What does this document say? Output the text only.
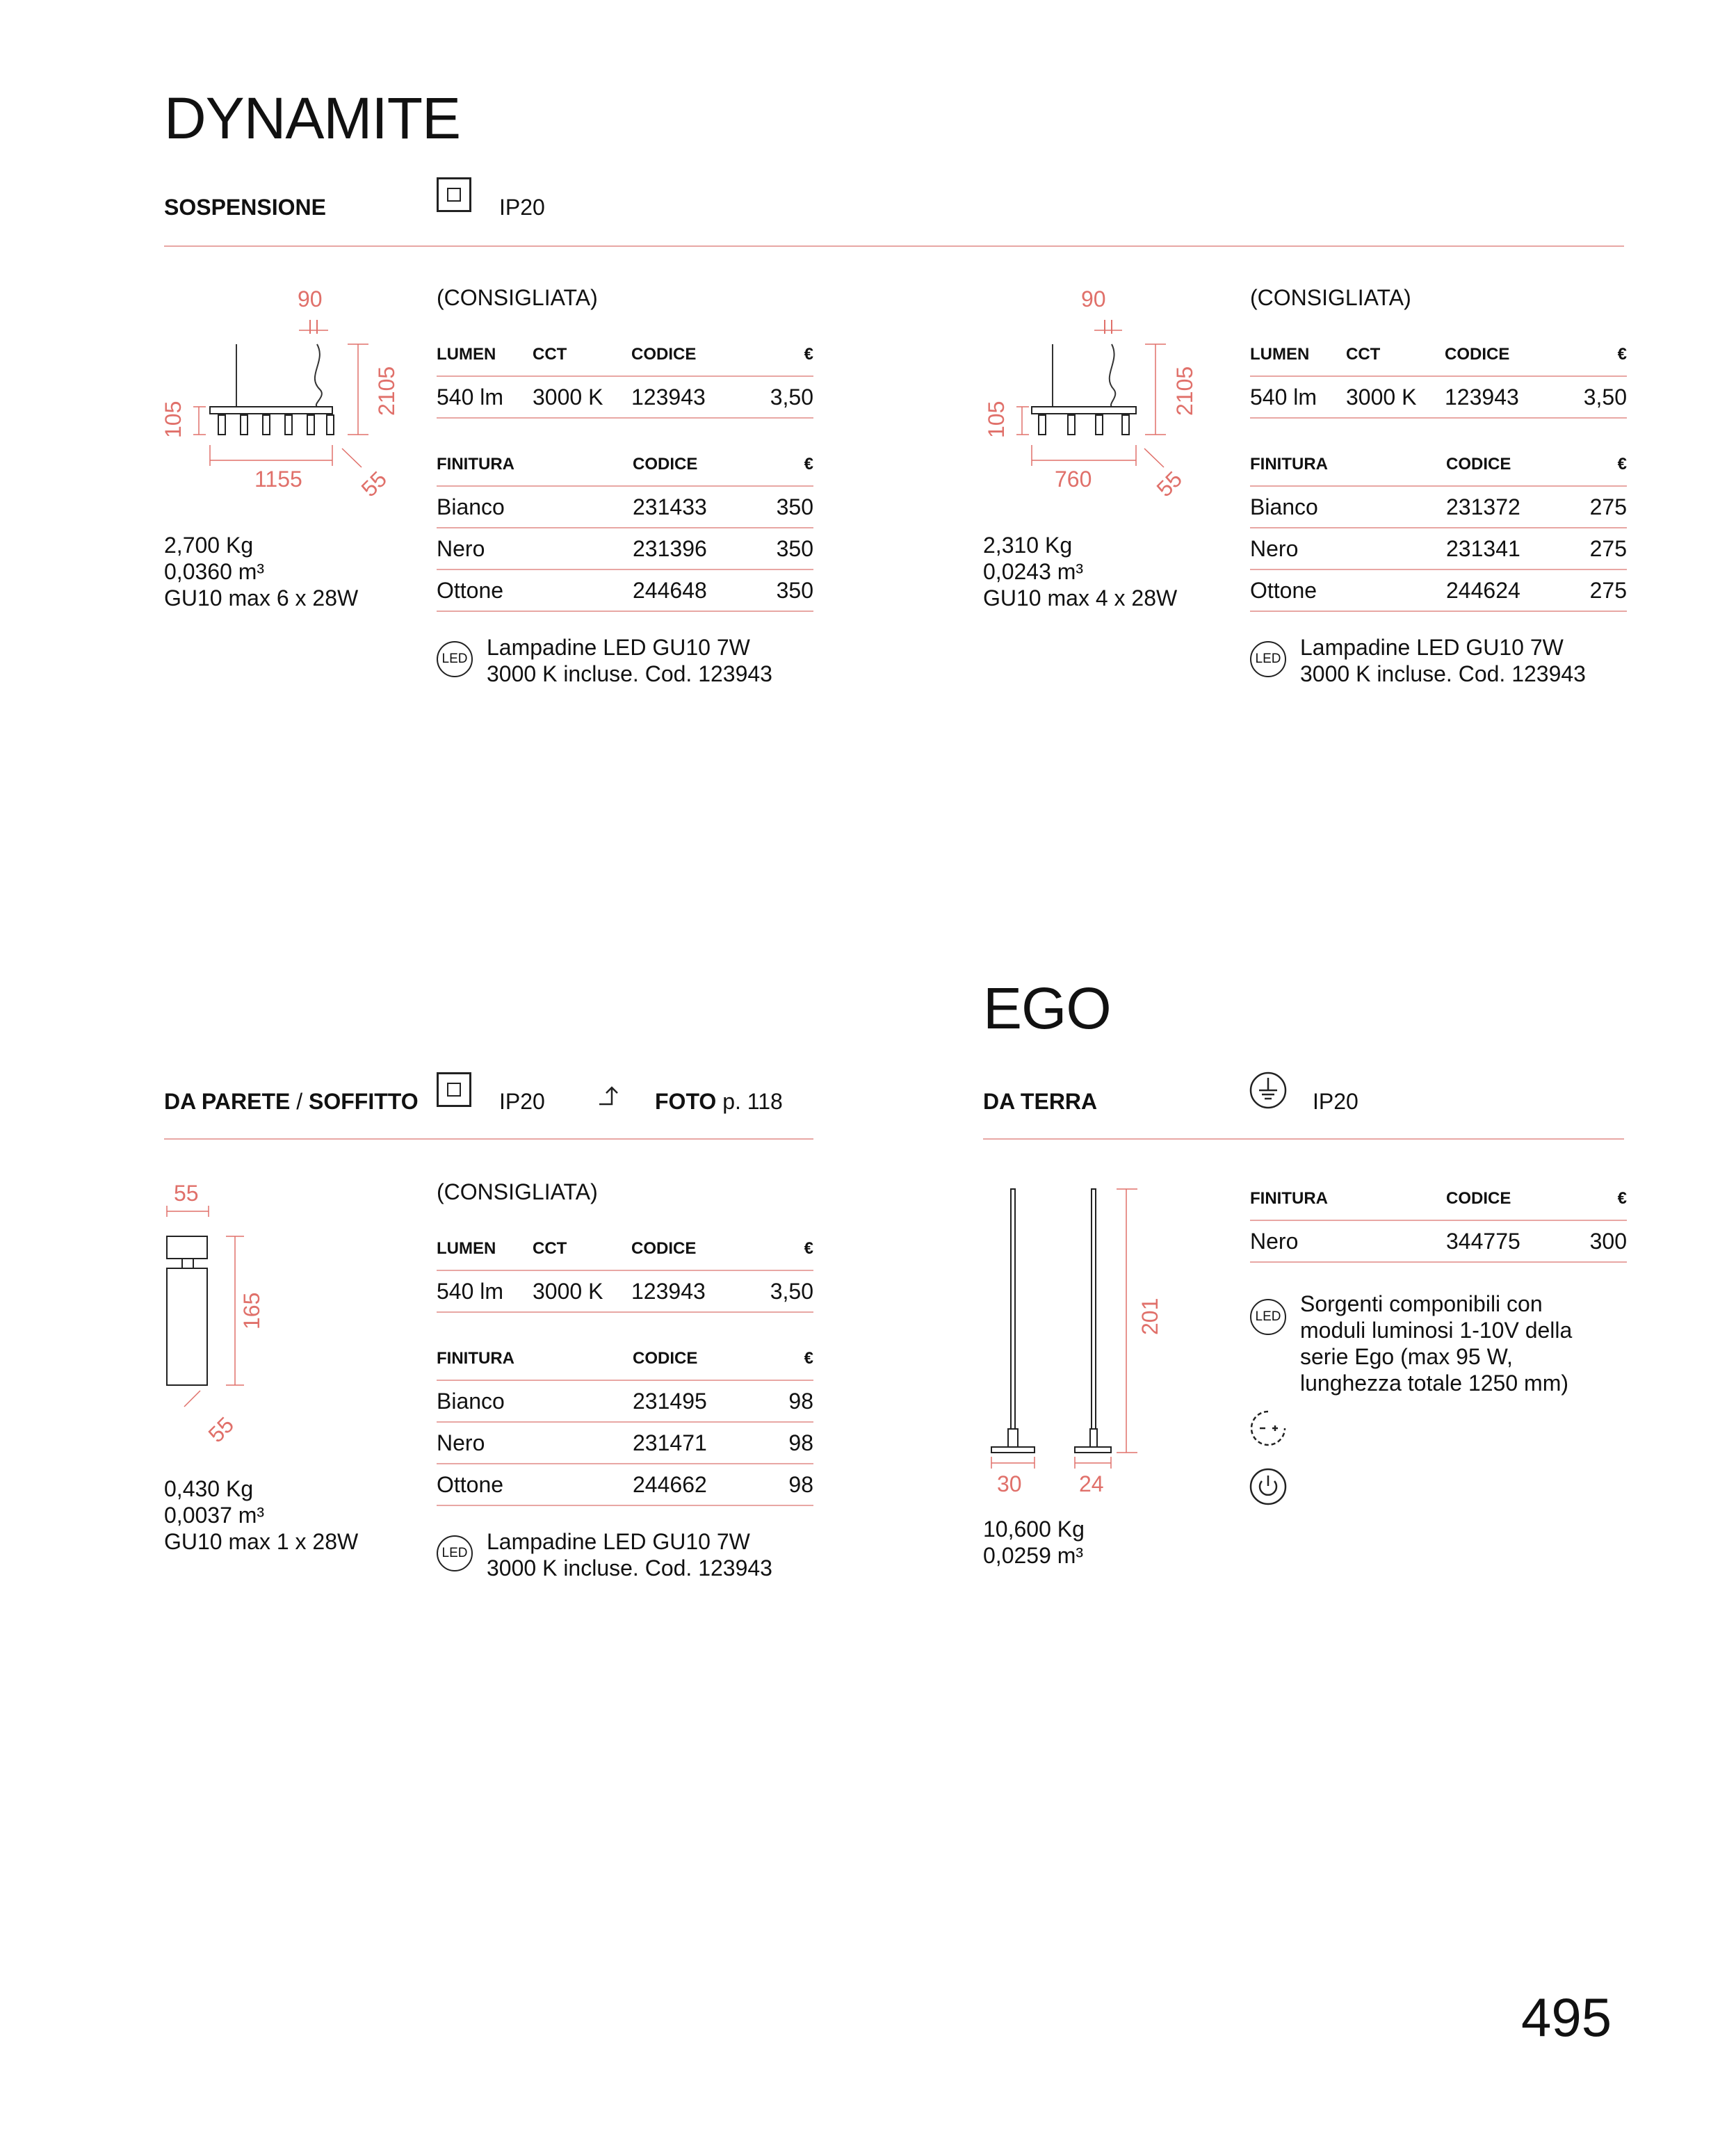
DYNAMITE
SOSPENSIONE	IP20
90
105
2105
1155 55
2,700 Kg
0,0360 m³
GU10 max 6 x 28W
(CONSIGLIATA)
LUMEN	CCT	CODICE	€
540 lm	3000 K	123943	3,50
FINITURA	CODICE	€
Bianco	231433	350
Nero	231396	350
Ottone	244648	350
LED Lampadine LED GU10 7W
3000 K incluse. Cod. 123943
90
105
2105
760	55
2,310 Kg
0,0243 m³
GU10 max 4 x 28W
(CONSIGLIATA)
LUMEN	CCT	CODICE	€
540 lm	3000 K	123943	3,50
FINITURA	CODICE	€
Bianco	231372	275
Nero	231341	275
Ottone	244624	275
LED Lampadine LED GU10 7W
3000 K incluse. Cod. 123943
DA PARETE / SOFFITTO	IP20	FOTO p. 118
55
165
55
0,430 Kg
0,0037 m³
GU10 max 1 x 28W
(CONSIGLIATA)
LUMEN	CCT	CODICE	€
540 lm	3000 K	123943	3,50
FINITURA	CODICE	€
Bianco	231495	98
Nero	231471	98
Ottone	244662	98
LED Lampadine LED GU10 7W
3000 K incluse. Cod. 123943
EGO
DA TERRA	IP20
30	24
201
10,600 Kg
0,0259 m³
FINITURA	CODICE	€
Nero	344775	300
LED
Sorgenti componibili con
moduli luminosi 1-10V della
serie Ego (max 95 W,
lunghezza totale 1250 mm)
495
